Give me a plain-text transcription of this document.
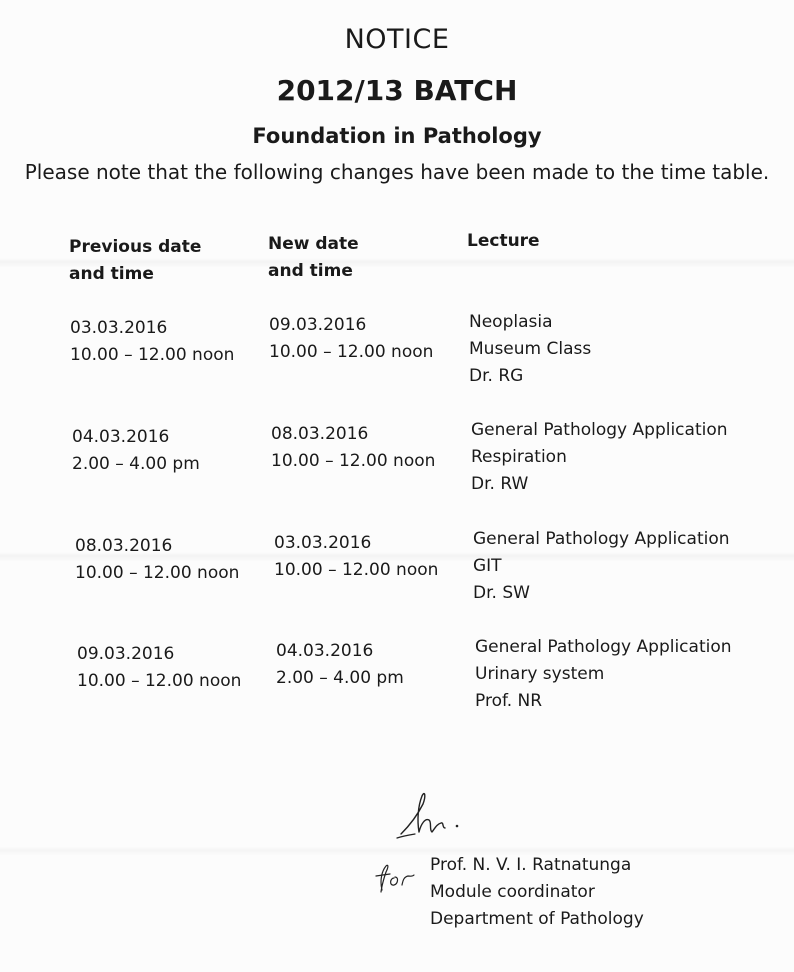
NOTICE
2012/13 BATCH
Foundation in Pathology
Please note that the following changes have been made to the time table.
Previous date
and time
New date
and time
Lecture
03.03.2016
10.00 – 12.00 noon
09.03.2016
10.00 – 12.00 noon
Neoplasia
Museum Class
Dr. RG
04.03.2016
2.00 – 4.00 pm
08.03.2016
10.00 – 12.00 noon
General Pathology Application
Respiration
Dr. RW
08.03.2016
10.00 – 12.00 noon
03.03.2016
10.00 – 12.00 noon
General Pathology Application
GIT
Dr. SW
09.03.2016
10.00 – 12.00 noon
04.03.2016
2.00 – 4.00 pm
General Pathology Application
Urinary system
Prof. NR
Prof. N. V. I. Ratnatunga
Module coordinator
Department of Pathology
